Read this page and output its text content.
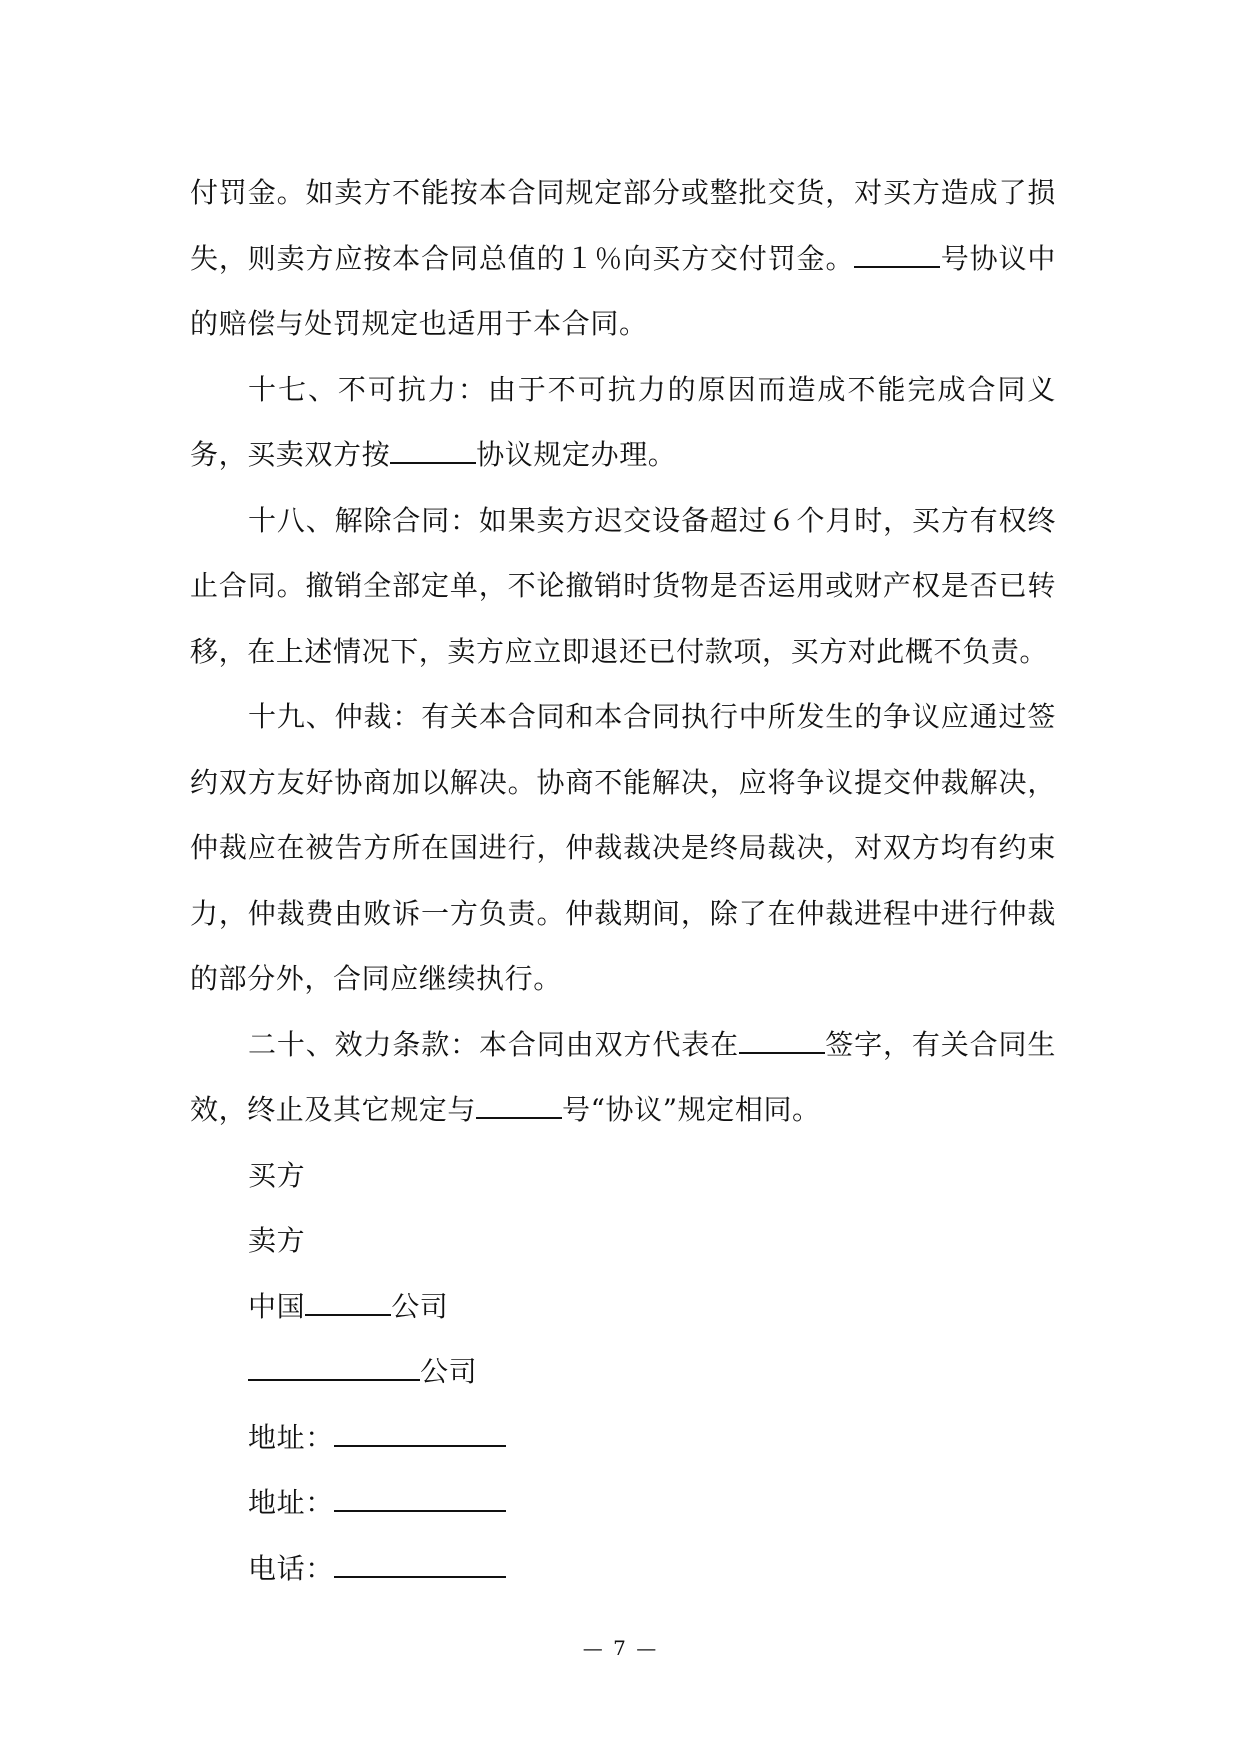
付罚金。如卖方不能按本合同规定部分或整批交货，对买方造成了损失，则卖方应按本合同总值的１％向买方交付罚金。	号协议中的赔偿与处罚规定也适用于本合同。

十七、不可抗力：由于不可抗力的原因而造成不能完成合同义务，买卖双方按	协议规定办理。

十八、解除合同：如果卖方迟交设备超过６个月时，买方有权终止合同。撤销全部定单，不论撤销时货物是否运用或财产权是否已转移，在上述情况下，卖方应立即退还已付款项，买方对此概不负责。

十九、仲裁：有关本合同和本合同执行中所发生的争议应通过签约双方友好协商加以解决。协商不能解决，应将争议提交仲裁解决，仲裁应在被告方所在国进行，仲裁裁决是终局裁决，对双方均有约束力，仲裁费由败诉一方负责。仲裁期间，除了在仲裁进程中进行仲裁的部分外，合同应继续执行。

二十、效力条款：本合同由双方代表在	签字，有关合同生效，终止及其它规定与	号“协议”规定相同。

买方

卖方

中国	公司

公司

地址：

地址：

电话：

— 7 —
